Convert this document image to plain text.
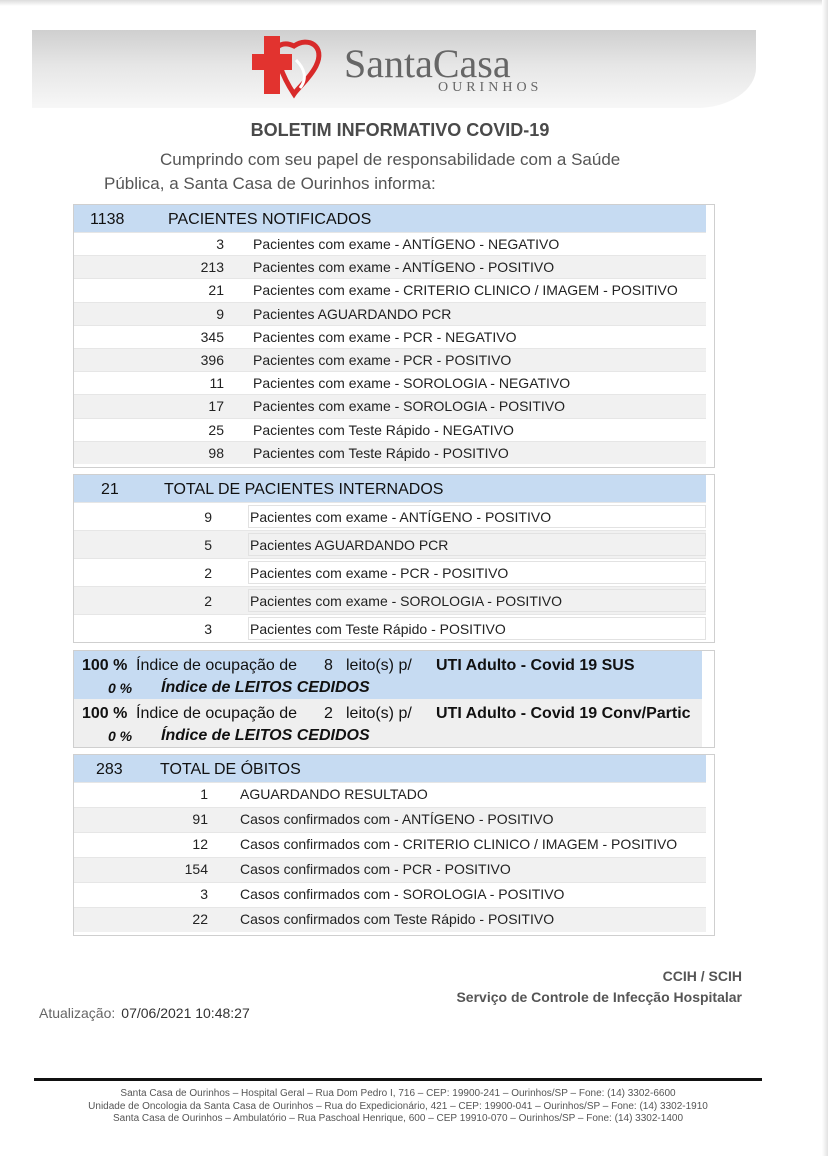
SantaCasa
OURINHOS
BOLETIM INFORMATIVO COVID-19
Cumprindo com seu papel de responsabilidade com a Saúde
Pública, a Santa Casa de Ourinhos informa:
1138	PACIENTES NOTIFICADOS
3 Pacientes com exame - ANTÍGENO - NEGATIVO
213 Pacientes com exame - ANTÍGENO - POSITIVO
21 Pacientes com exame - CRITERIO CLINICO / IMAGEM - POSITIVO
9 Pacientes AGUARDANDO PCR
345 Pacientes com exame - PCR - NEGATIVO
396 Pacientes com exame - PCR - POSITIVO
11 Pacientes com exame - SOROLOGIA - NEGATIVO
17 Pacientes com exame - SOROLOGIA - POSITIVO
25 Pacientes com Teste Rápido - NEGATIVO
98 Pacientes com Teste Rápido - POSITIVO
21	TOTAL DE PACIENTES INTERNADOS
9	Pacientes com exame - ANTÍGENO - POSITIVO
5	Pacientes AGUARDANDO PCR
2	Pacientes com exame - PCR - POSITIVO
2	Pacientes com exame - SOROLOGIA - POSITIVO
3	Pacientes com Teste Rápido - POSITIVO
100 % Índice de ocupação de 8 leito(s) p/ UTI Adulto - Covid 19 SUS
0 % Índice de LEITOS CEDIDOS
100 % Índice de ocupação de 2 leito(s) p/ UTI Adulto - Covid 19 Conv/Partic
0 % Índice de LEITOS CEDIDOS
283 TOTAL DE ÓBITOS
1 AGUARDANDO RESULTADO
91 Casos confirmados com - ANTÍGENO - POSITIVO
12 Casos confirmados com - CRITERIO CLINICO / IMAGEM - POSITIVO
154 Casos confirmados com - PCR - POSITIVO
3 Casos confirmados com - SOROLOGIA - POSITIVO
22 Casos confirmados com Teste Rápido - POSITIVO
CCIH / SCIH
Serviço de Controle de Infecção Hospitalar
Atualização: 07/06/2021 10:48:27
Santa Casa de Ourinhos – Hospital Geral – Rua Dom Pedro I, 716 – CEP: 19900-241 – Ourinhos/SP – Fone: (14) 3302-6600
Unidade de Oncologia da Santa Casa de Ourinhos – Rua do Expedicionário, 421 – CEP: 19900-041 – Ourinhos/SP – Fone: (14) 3302-1910
Santa Casa de Ourinhos – Ambulatório – Rua Paschoal Henrique, 600 – CEP 19910-070 – Ourinhos/SP – Fone: (14) 3302-1400
